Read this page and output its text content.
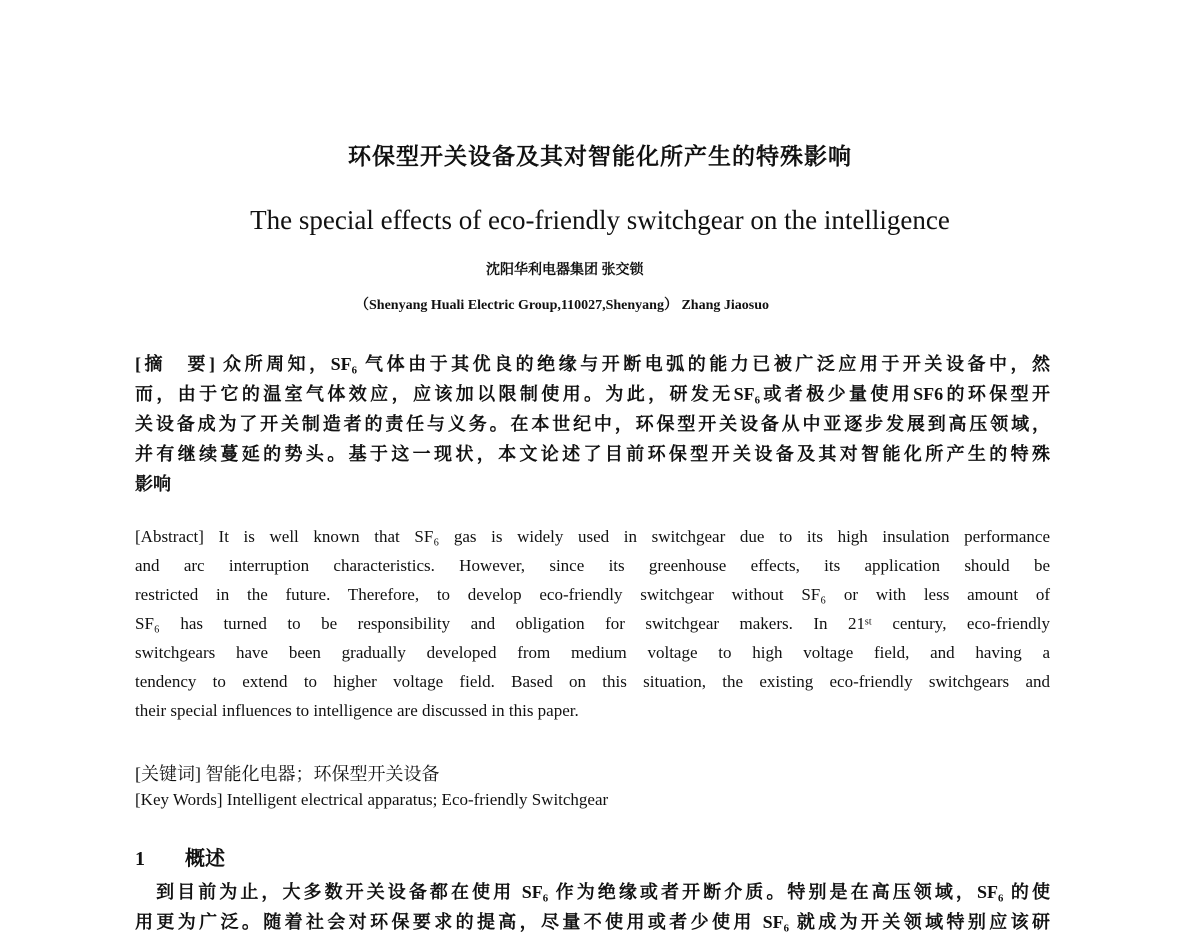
环保型开关设备及其对智能化所产生的特殊影响
The special effects of eco-friendly switchgear on the intelligence
沈阳华利电器集团 张交锁
（Shenyang Huali Electric Group,110027,Shenyang） Zhang Jiaosuo
[摘　要] 众所周知，SF₆ 气体由于其优良的绝缘与开断电弧的能力已被广泛应用于开关设备中，然
而，由于它的温室气体效应，应该加以限制使用。为此，研发无SF₆或者极少量使用SF6的环保型开
关设备成为了开关制造者的责任与义务。在本世纪中，环保型开关设备从中亚逐步发展到高压领域，
并有继续蔓延的势头。基于这一现状，本文论述了目前环保型开关设备及其对智能化所产生的特殊
影响
[Abstract] It is well known that SF₆ gas is widely used in switchgear due to its high insulation performance
and arc interruption characteristics. However, since its greenhouse effects, its application should be
restricted in the future. Therefore, to develop eco-friendly switchgear without SF₆ or with less amount of
SF₆ has turned to be responsibility and obligation for switchgear makers. In 21ˢᵗ century, eco-friendly
switchgears have been gradually developed from medium voltage to high voltage field, and having a
tendency to extend to higher voltage field. Based on this situation, the existing eco-friendly switchgears and
their special influences to intelligence are discussed in this paper.
[关键词] 智能化电器；环保型开关设备
[Key Words] Intelligent electrical apparatus; Eco-friendly Switchgear
1　　概述
　到目前为止，大多数开关设备都在使用 SF₆ 作为绝缘或者开断介质。特别是在高压领域，SF₆ 的使
用更为广泛。随着社会对环保要求的提高，尽量不使用或者少使用 SF₆ 就成为开关领域特别应该研
